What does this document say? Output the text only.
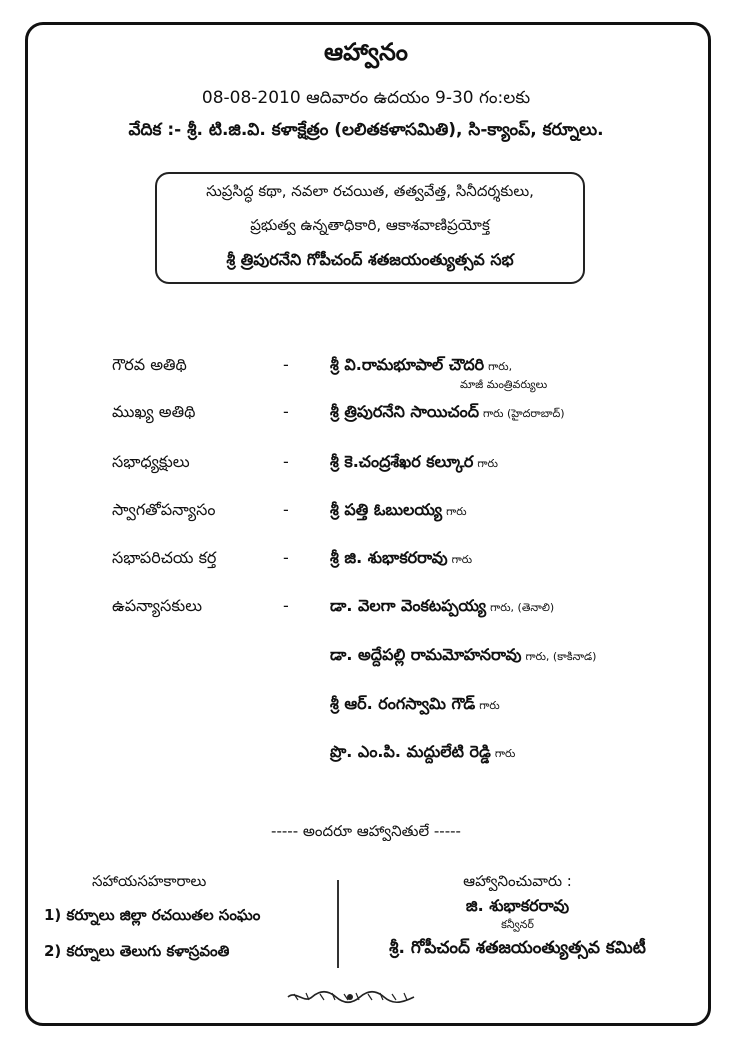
ఆహ్వానం
08-08-2010 ఆదివారం ఉదయం 9-30 గం:లకు
వేదిక :- శ్రీ. టి.జి.వి. కళాక్షేత్రం (లలితకళాసమితి), సి-క్యాంప్, కర్నూలు.
సుప్రసిద్ధ కథా, నవలా రచయిత, తత్వవేత్త, సినీదర్శకులు,
ప్రభుత్వ ఉన్నతాధికారి, ఆకాశవాణిప్రయోక్త
శ్రీ త్రిపురనేని గోపీచంద్ శతజయంత్యుత్సవ సభ
గౌరవ అతిథి	-	శ్రీ వి.రామభూపాల్ చౌదరి గారు,
మాజీ మంత్రివర్యులు
ముఖ్య అతిథి	-	శ్రీ త్రిపురనేని సాయిచంద్ గారు (హైదరాబాద్)
సభాధ్యక్షులు	-	శ్రీ కె.చంద్రశేఖర కల్కూర గారు
స్వాగతోపన్యాసం	-	శ్రీ పత్తి ఓబులయ్య గారు
సభాపరిచయ కర్త	-	శ్రీ జి. శుభాకరరావు గారు
ఉపన్యాసకులు	-	డా. వెలగా వెంకటప్పయ్య గారు, (తెనాలి)
డా. అద్దేపల్లి రామమోహనరావు గారు, (కాకినాడ)
శ్రీ ఆర్. రంగస్వామి గౌడ్ గారు
ప్రొ. ఎం.పి. మద్దులేటి రెడ్డి గారు
----- అందరూ ఆహ్వానితులే -----
సహాయసహకారాలు
1) కర్నూలు జిల్లా రచయితల సంఘం
2) కర్నూలు తెలుగు కళాస్రవంతి
ఆహ్వానించువారు :
జి. శుభాకరరావు
కన్వీనర్
శ్రీ. గోపీచంద్ శతజయంత్యుత్సవ కమిటీ
